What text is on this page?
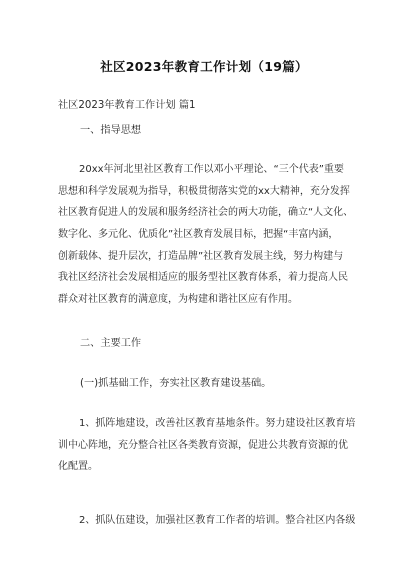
社区2023年教育工作计划（19篇）
社区2023年教育工作计划 篇1
一、指导思想
20xx年河北里社区教育工作以邓小平理论、“三个代表”重要
思想和科学发展观为指导，积极贯彻落实党的xx大精神，充分发挥
社区教育促进人的发展和服务经济社会的两大功能，确立“人文化、
数字化、多元化、优质化”社区教育发展目标，把握“丰富内涵，
创新载体、提升层次，打造品牌”社区教育发展主线，努力构建与
我社区经济社会发展相适应的服务型社区教育体系，着力提高人民
群众对社区教育的满意度，为构建和谐社区应有作用。
二、主要工作
(一)抓基础工作，夯实社区教育建设基础。
1、抓阵地建设，改善社区教育基地条件。努力建设社区教育培
训中心阵地，充分整合社区各类教育资源，促进公共教育资源的优
化配置。
2、抓队伍建设，加强社区教育工作者的培训。整合社区内各级
